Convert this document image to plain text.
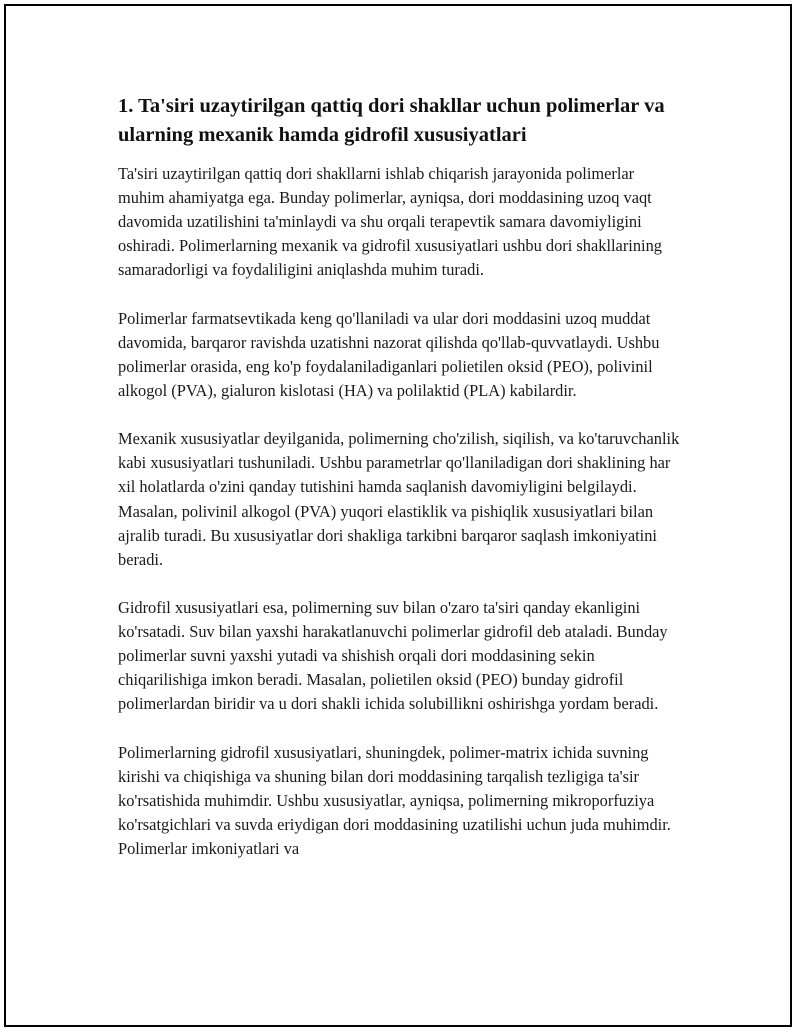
1. Ta'siri uzaytirilgan qattiq dori shakllar uchun polimerlar va ularning mexanik hamda gidrofil xususiyatlari

Ta'siri uzaytirilgan qattiq dori shakllarni ishlab chiqarish jarayonida polimerlar muhim ahamiyatga ega. Bunday polimerlar, ayniqsa, dori moddasining uzoq vaqt davomida uzatilishini ta'minlaydi va shu orqali terapevtik samara davomiyligini oshiradi. Polimerlarning mexanik va gidrofil xususiyatlari ushbu dori shakllarining samaradorligi va foydaliligini aniqlashda muhim turadi.

Polimerlar farmatsevtikada keng qo'llaniladi va ular dori moddasini uzoq muddat davomida, barqaror ravishda uzatishni nazorat qilishda qo'llab-quvvatlaydi. Ushbu polimerlar orasida, eng ko'p foydalaniladiganlari polietilen oksid (PEO), polivinil alkogol (PVA), gialuron kislotasi (HA) va polilaktid (PLA) kabilardir.

Mexanik xususiyatlar deyilganida, polimerning cho'zilish, siqilish, va ko'taruvchanlik kabi xususiyatlari tushuniladi. Ushbu parametrlar qo'llaniladigan dori shaklining har xil holatlarda o'zini qanday tutishini hamda saqlanish davomiyligini belgilaydi. Masalan, polivinil alkogol (PVA) yuqori elastiklik va pishiqlik xususiyatlari bilan ajralib turadi. Bu xususiyatlar dori shakliga tarkibni barqaror saqlash imkoniyatini beradi.

Gidrofil xususiyatlari esa, polimerning suv bilan o'zaro ta'siri qanday ekanligini ko'rsatadi. Suv bilan yaxshi harakatlanuvchi polimerlar gidrofil deb ataladi. Bunday polimerlar suvni yaxshi yutadi va shishish orqali dori moddasining sekin chiqarilishiga imkon beradi. Masalan, polietilen oksid (PEO) bunday gidrofil polimerlardan biridir va u dori shakli ichida solubillikni oshirishga yordam beradi.

Polimerlarning gidrofil xususiyatlari, shuningdek, polimer-matrix ichida suvning kirishi va chiqishiga va shuning bilan dori moddasining tarqalish tezligiga ta'sir ko'rsatishida muhimdir. Ushbu xususiyatlar, ayniqsa, polimerning mikroporfuziya ko'rsatgichlari va suvda eriydigan dori moddasining uzatilishi uchun juda muhimdir. Polimerlar imkoniyatlari va
